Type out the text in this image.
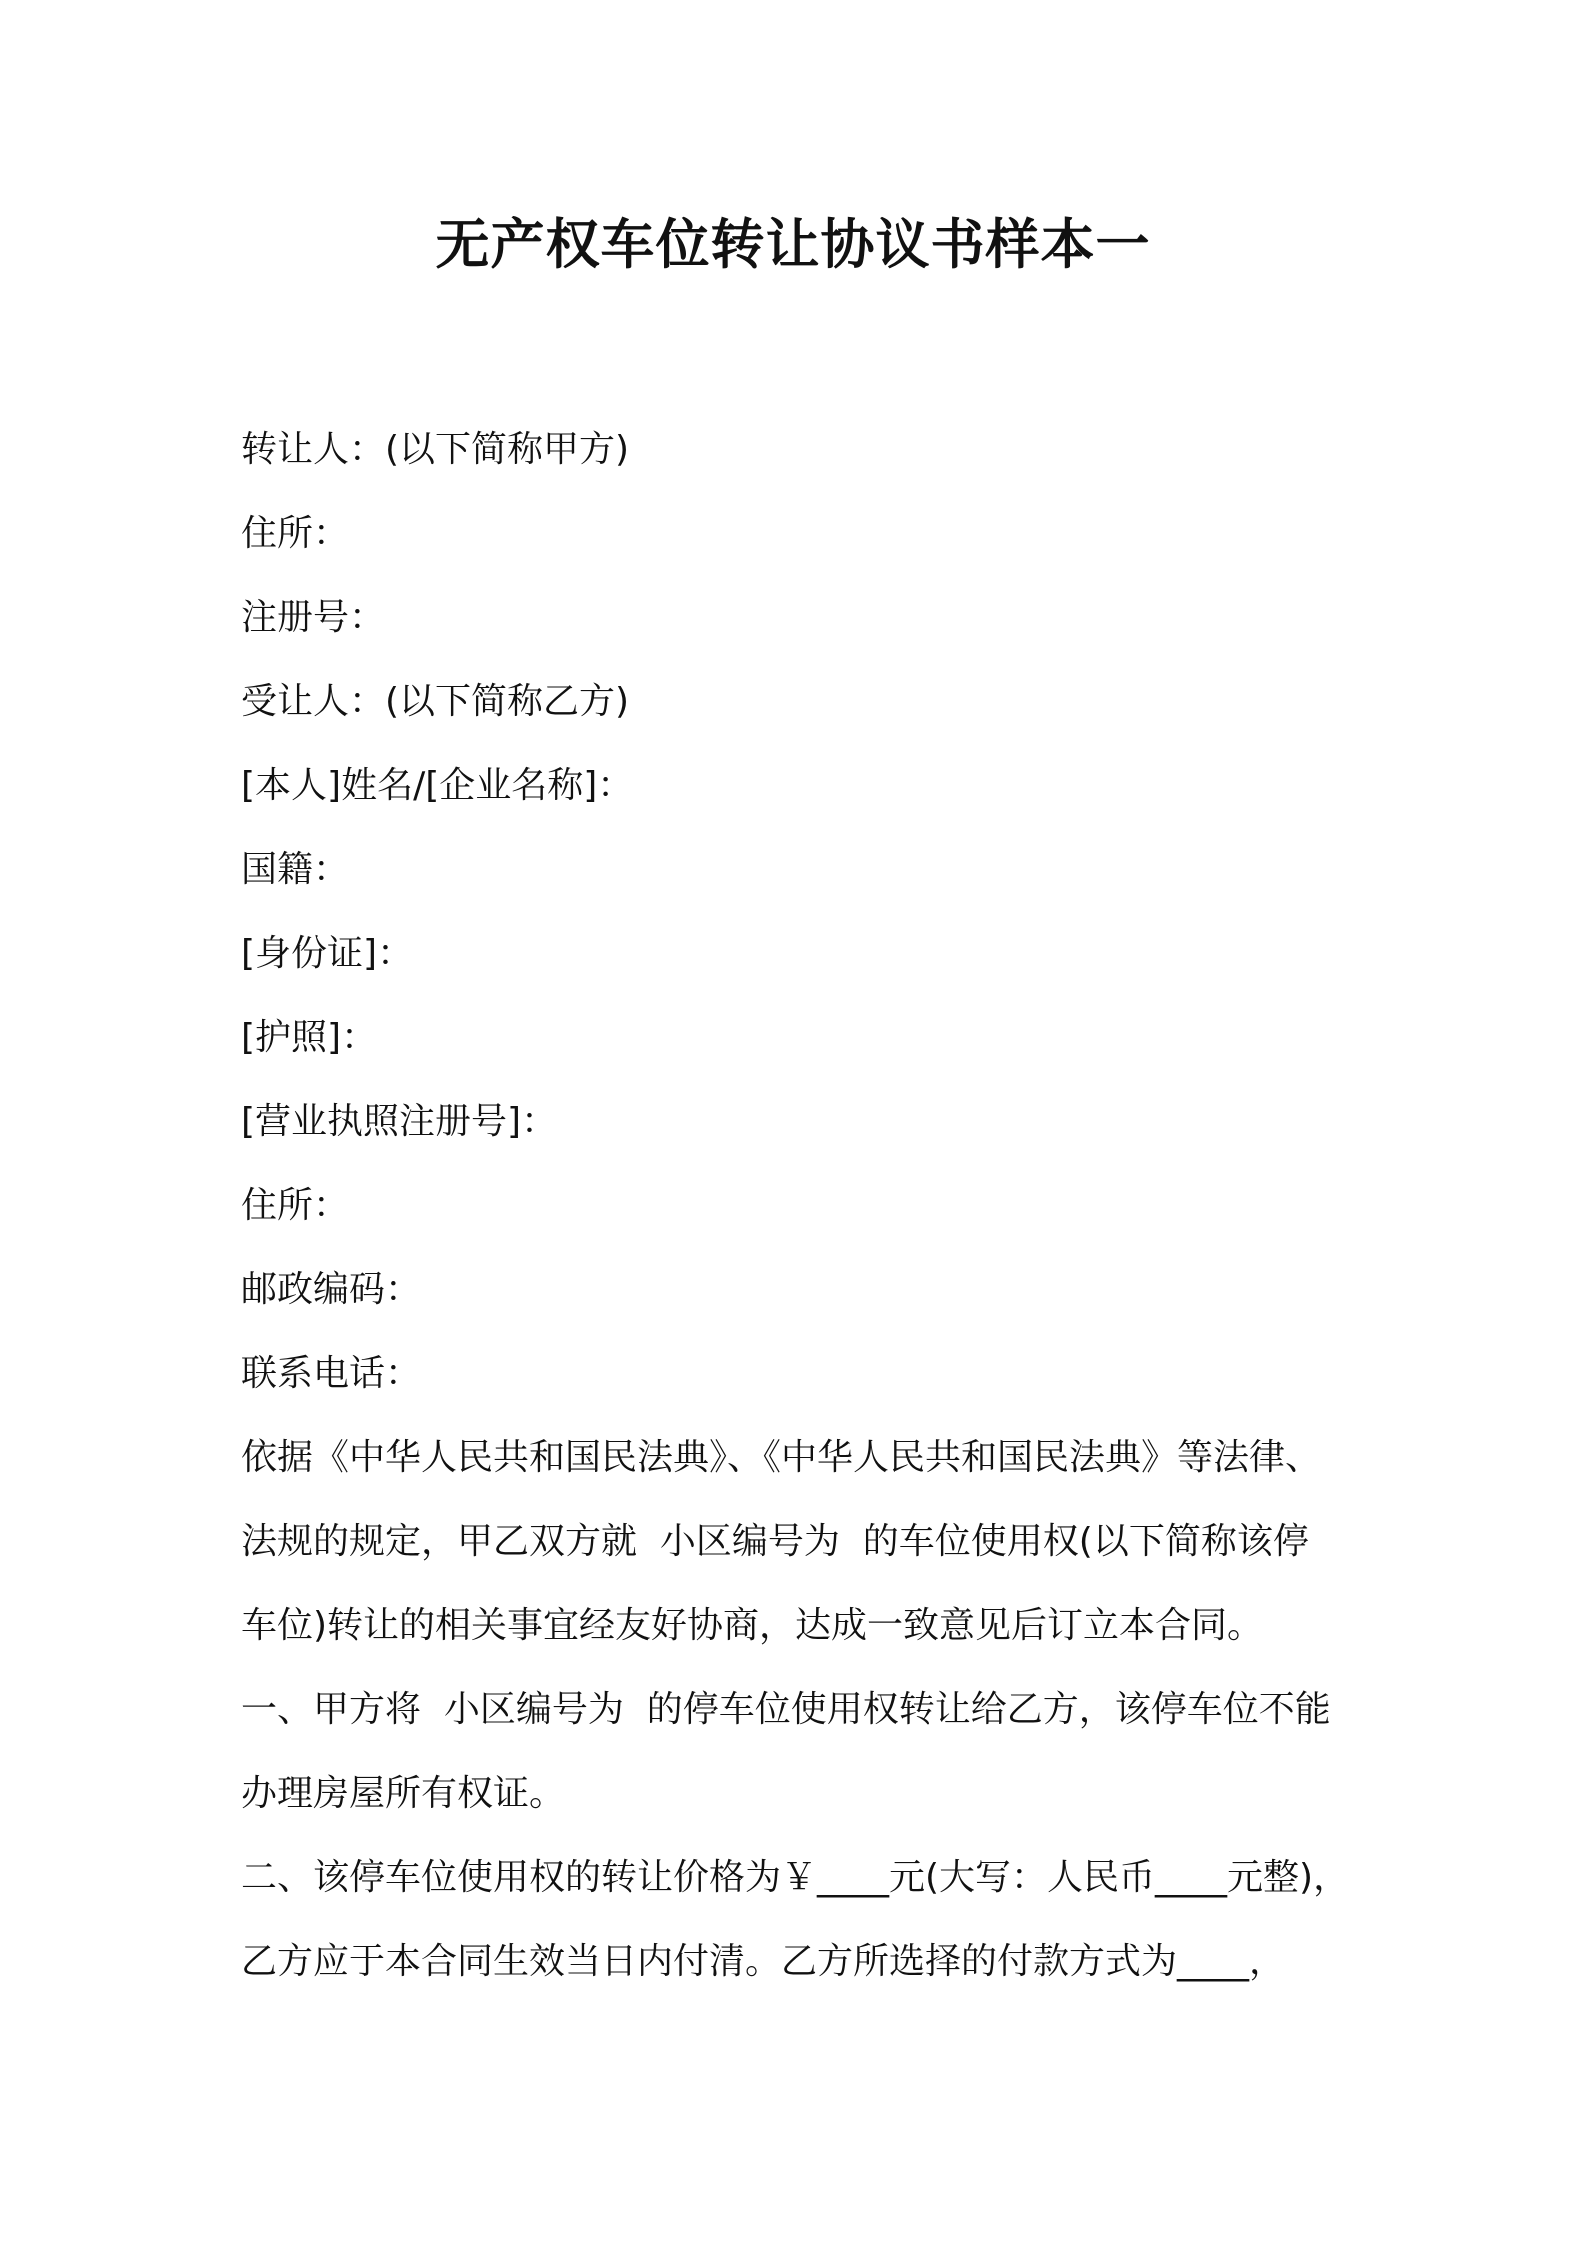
无产权车位转让协议书样本一

转让人：(以下简称甲方)

住所：

注册号：

受让人：(以下简称乙方)

[本人]姓名/[企业名称]：

国籍：

[身份证]：

[护照]：

[营业执照注册号]：

住所：

邮政编码：

联系电话：

依据《中华人民共和国民法典》、《中华人民共和国民法典》等法律、

法规的规定，甲乙双方就  小区编号为  的车位使用权(以下简称该停

车位)转让的相关事宜经友好协商，达成一致意见后订立本合同。

一、甲方将  小区编号为  的停车位使用权转让给乙方，该停车位不能

办理房屋所有权证。

二、该停车位使用权的转让价格为￥____元(大写：人民币____元整)，

乙方应于本合同生效当日内付清。乙方所选择的付款方式为____，
